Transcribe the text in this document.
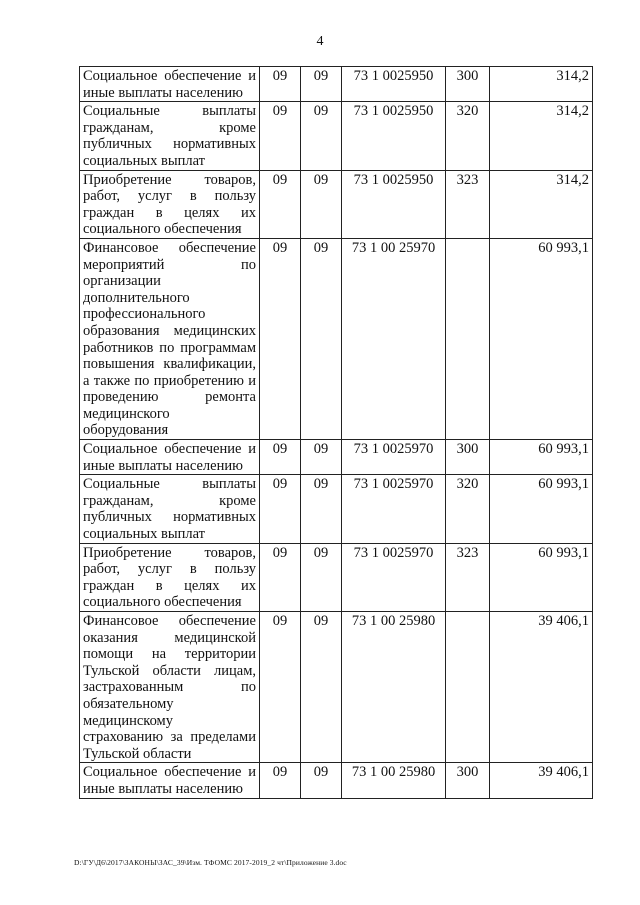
4
Социальное обеспечение и иные выплаты населению	09	09	73 1 0025950	300	314,2
Социальные выплаты гражданам, кроме публичных нормативных социальных выплат	09	09	73 1 0025950	320	314,2
Приобретение товаров, работ, услуг в пользу граждан в целях их социального обеспечения	09	09	73 1 0025950	323	314,2
Финансовое обеспечение мероприятий по организации дополнительного профессионального образования медицинских работников по программам повышения квалификации, а также по приобретению и проведению ремонта медицинского оборудования	09	09	73 1 00 25970		60 993,1
Социальное обеспечение и иные выплаты населению	09	09	73 1 0025970	300	60 993,1
Социальные выплаты гражданам, кроме публичных нормативных социальных выплат	09	09	73 1 0025970	320	60 993,1
Приобретение товаров, работ, услуг в пользу граждан в целях их социального обеспечения	09	09	73 1 0025970	323	60 993,1
Финансовое обеспечение оказания медицинской помощи на территории Тульской области лицам, застрахованным по обязательному медицинскому страхованию за пределами Тульской области	09	09	73 1 00 25980		39 406,1
Социальное обеспечение и иные выплаты населению	09	09	73 1 00 25980	300	39 406,1
D:\ГУ\Д6\2017\ЗАКОНЫ\ЗАС_39\Изм. ТФОМС 2017-2019_2 чт\Приложение 3.doc
